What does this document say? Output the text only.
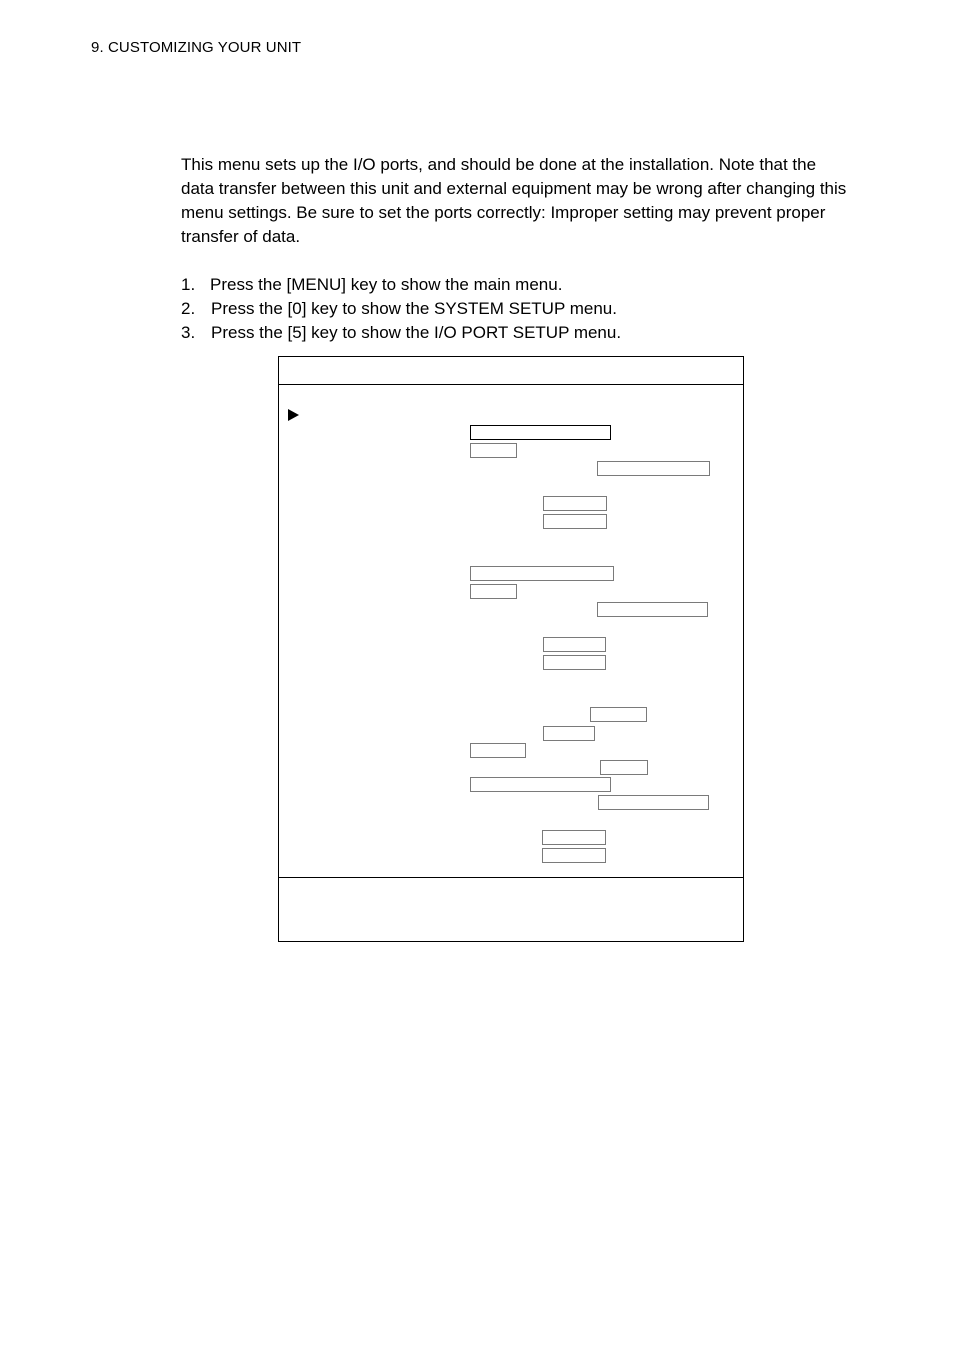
9. CUSTOMIZING YOUR UNIT

This menu sets up the I/O ports, and should be done at the installation. Note that the data transfer between this unit and external equipment may be wrong after changing this menu settings. Be sure to set the ports correctly: Improper setting may prevent proper transfer of data.

1. Press the [MENU] key to show the main menu.
2. Press the [0] key to show the SYSTEM SETUP menu.
3. Press the [5] key to show the I/O PORT SETUP menu.
